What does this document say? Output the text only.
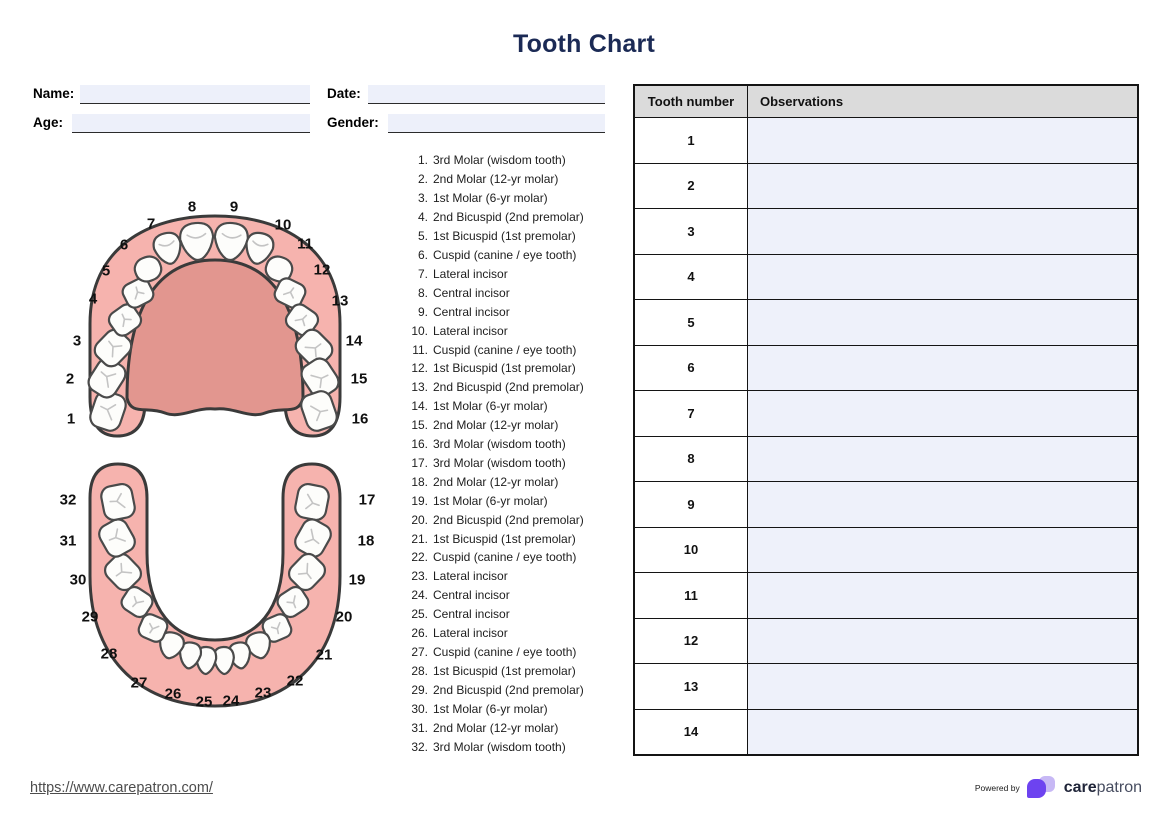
Tooth Chart
Name:	Date:
Age:	Gender:
1
2
3
4
5
6
7
8 9
10
11
12
13
14
15
16
17
18
19
20
21
22
23
24
25
26
27
28
29
30
31
32
1. 3rd Molar (wisdom tooth)
2. 2nd Molar (12-yr molar)
3. 1st Molar (6-yr molar)
4. 2nd Bicuspid (2nd premolar)
5. 1st Bicuspid (1st premolar)
6. Cuspid (canine / eye tooth)
7. Lateral incisor
8. Central incisor
9. Central incisor
10. Lateral incisor
11. Cuspid (canine / eye tooth)
12. 1st Bicuspid (1st premolar)
13. 2nd Bicuspid (2nd premolar)
14. 1st Molar (6-yr molar)
15. 2nd Molar (12-yr molar)
16. 3rd Molar (wisdom tooth)
17. 3rd Molar (wisdom tooth)
18. 2nd Molar (12-yr molar)
19. 1st Molar (6-yr molar)
20. 2nd Bicuspid (2nd premolar)
21. 1st Bicuspid (1st premolar)
22. Cuspid (canine / eye tooth)
23. Lateral incisor
24. Central incisor
25. Central incisor
26. Lateral incisor
27. Cuspid (canine / eye tooth)
28. 1st Bicuspid (1st premolar)
29. 2nd Bicuspid (2nd premolar)
30. 1st Molar (6-yr molar)
31. 2nd Molar (12-yr molar)
32. 3rd Molar (wisdom tooth)
Tooth number	Observations
1
2
3
4
5
6
7
8
9
10
11
12
13
14
https://www.carepatron.com/	Powered by	carepatron
